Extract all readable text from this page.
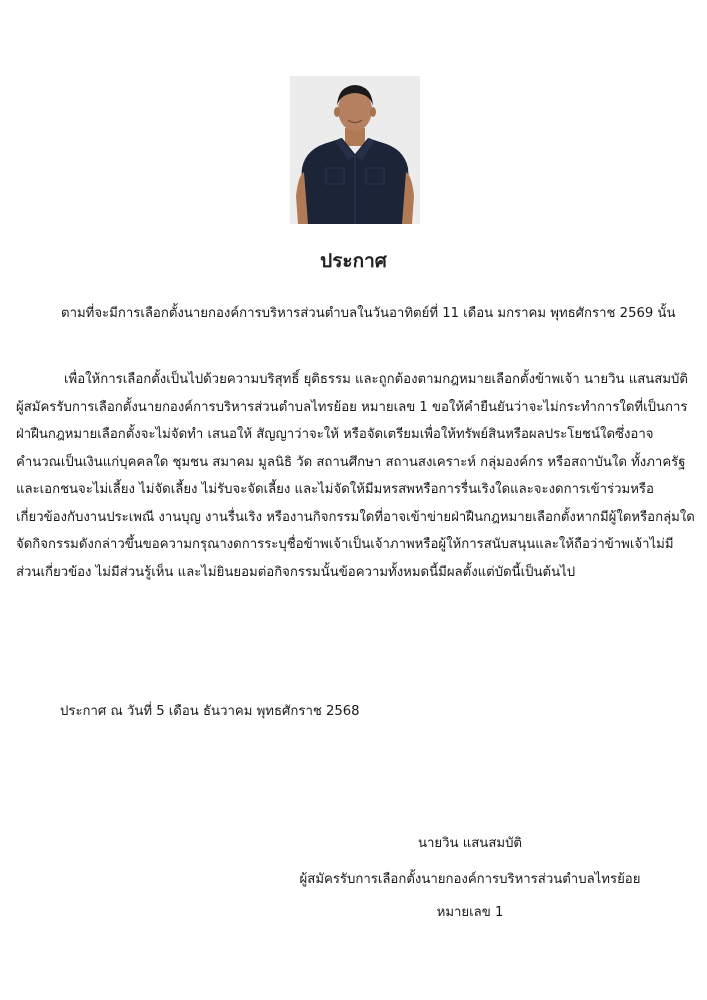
ประกาศ
ตามที่จะมีการเลือกตั้งนายกองค์การบริหารส่วนตำบลในวันอาทิตย์ที่ 11 เดือน มกราคม พุทธศักราช 2569 นั้น
เพื่อให้การเลือกตั้งเป็นไปด้วยความบริสุทธิ์ ยุติธรรม และถูกต้องตามกฎหมายเลือกตั้งข้าพเจ้า นายวิน แสนสมบัติ ผู้สมัครรับการเลือกตั้งนายกองค์การบริหารส่วนตำบลไทรย้อย หมายเลข 1 ขอให้คำยืนยันว่าจะไม่กระทำการใดที่เป็นการฝ่าฝืนกฎหมายเลือกตั้งจะไม่จัดทำ เสนอให้ สัญญาว่าจะให้ หรือจัดเตรียมเพื่อให้ทรัพย์สินหรือผลประโยชน์ใดซึ่งอาจคำนวณเป็นเงินแก่บุคคลใด ชุมชน สมาคม มูลนิธิ วัด สถานศึกษา สถานสงเคราะห์ กลุ่มองค์กร หรือสถาบันใด ทั้งภาครัฐและเอกชนจะไม่เลี้ยง ไม่จัดเลี้ยง ไม่รับจะจัดเลี้ยง และไม่จัดให้มีมหรสพหรือการรื่นเริงใดและจะงดการเข้าร่วมหรือเกี่ยวข้องกับงานประเพณี งานบุญ งานรื่นเริง หรืองานกิจกรรมใดที่อาจเข้าข่ายฝ่าฝืนกฎหมายเลือกตั้งหากมีผู้ใดหรือกลุ่มใดจัดกิจกรรมดังกล่าวขึ้นขอความกรุณางดการระบุชื่อข้าพเจ้าเป็นเจ้าภาพหรือผู้ให้การสนับสนุนและให้ถือว่าข้าพเจ้าไม่มีส่วนเกี่ยวข้อง ไม่มีส่วนรู้เห็น และไม่ยินยอมต่อกิจกรรมนั้นข้อความทั้งหมดนี้มีผลตั้งแต่บัดนี้เป็นต้นไป
ประกาศ ณ วันที่ 5 เดือน ธันวาคม พุทธศักราช 2568
นายวิน แสนสมบัติ
ผู้สมัครรับการเลือกตั้งนายกองค์การบริหารส่วนตำบลไทรย้อย
หมายเลข 1
